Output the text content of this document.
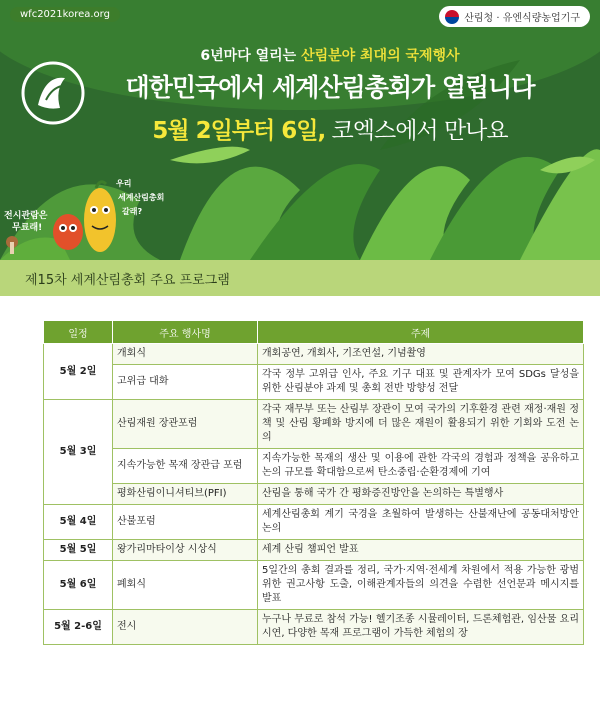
wfc2021korea.org	산림청 · 유엔식량농업기구
6년마다 열리는 산림분야 최대의 국제행사
대한민국에서 세계산림총회가 열립니다
5월 2일부터 6일, 코엑스에서 만나요
전시관람은
무료래!
우리
세계산림총회
갈래?
제15차 세계산림총회 주요 프로그램
일정	주요 행사명	주제
5월 2일	개회식	개회공연, 개회사, 기조연설, 기념촬영
	고위급 대화	각국 정부 고위급 인사, 주요 기구 대표 및 관계자가 모여 SDGs 달성을 위한 산림분야 과제 및 총회 전반 방향성 전달
5월 3일	산림재원 장관포럼	각국 재무부 또는 산림부 장관이 모여 국가의 기후환경 관련 재정·재원 정책 및 산림 황폐화 방지에 더 많은 재원이 활용되기 위한 기회와 도전 논의
	지속가능한 목재 장관급 포럼	지속가능한 목재의 생산 및 이용에 관한 각국의 경험과 정책을 공유하고 논의 규모를 확대함으로써 탄소중립·순환경제에 기여
	평화산림이니셔티브(PFI)	산림을 통해 국가 간 평화증진방안을 논의하는 특별행사
5월 4일	산불포럼	세계산림총회 계기 국경을 초월하여 발생하는 산불재난에 공동대처방안 논의
5월 5일	왕가리마타이상 시상식	세계 산림 챔피언 발표
5월 6일	폐회식	5일간의 총회 결과를 정리, 국가·지역·전세계 차원에서 적용 가능한 광범위한 권고사항 도출, 이해관계자들의 의견을 수렴한 선언문과 메시지를 발표
5월 2-6일	전시	누구나 무료로 참석 가능! 헬기조종 시뮬레이터, 드론체험관, 임산물 요리 시연, 다양한 목재 프로그램이 가득한 체험의 장
